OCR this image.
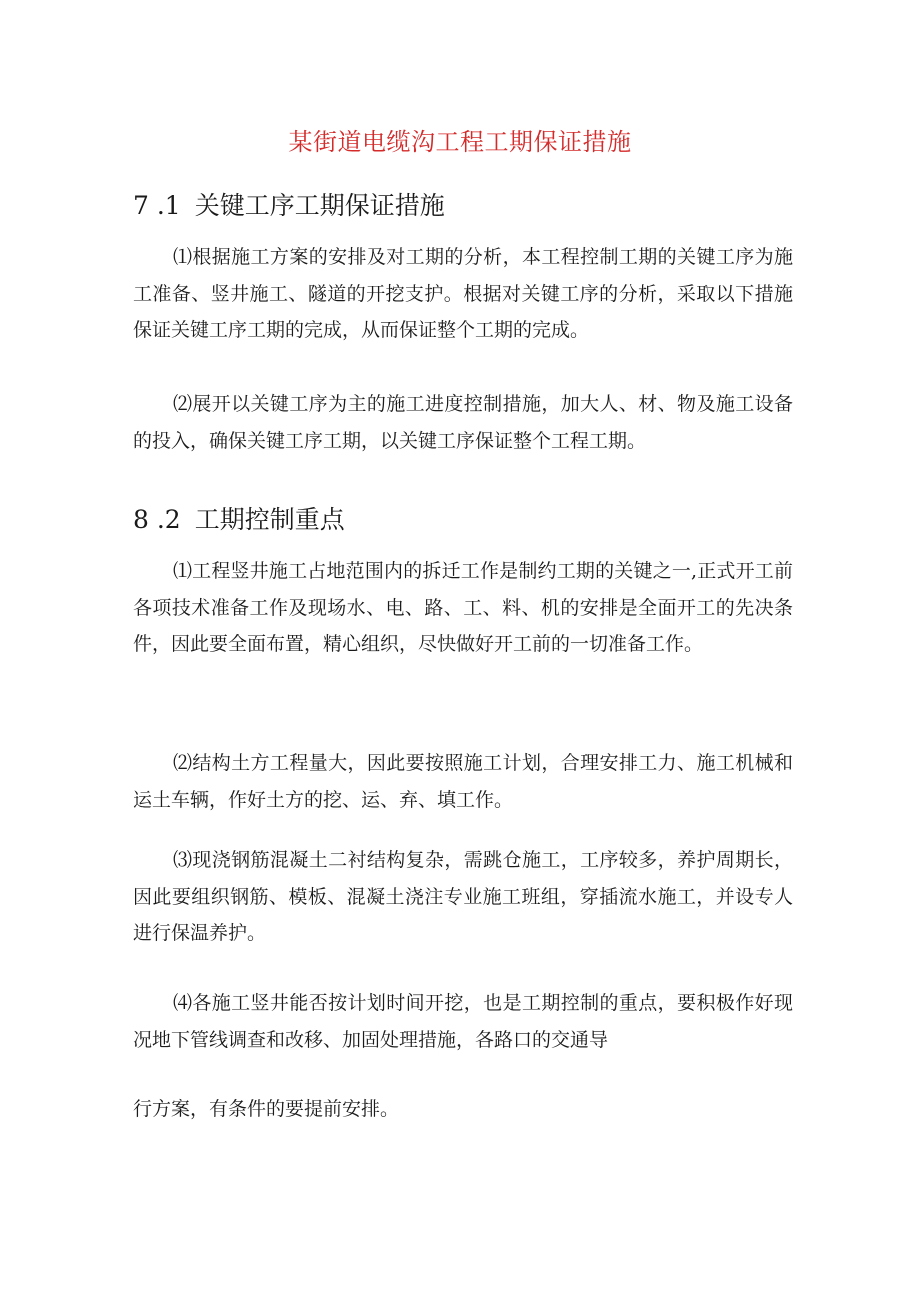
某街道电缆沟工程工期保证措施
7 .1 关键工序工期保证措施

⑴根据施工方案的安排及对工期的分析，本工程控制工期的关键工序为施工准备、竖井施工、隧道的开挖支护。根据对关键工序的分析，采取以下措施保证关键工序工期的完成，从而保证整个工期的完成。

⑵展开以关键工序为主的施工进度控制措施，加大人、材、物及施工设备的投入，确保关键工序工期，以关键工序保证整个工程工期。

8 .2 工期控制重点

⑴工程竖井施工占地范围内的拆迁工作是制约工期的关键之一,正式开工前各项技术准备工作及现场水、电、路、工、料、机的安排是全面开工的先决条件，因此要全面布置，精心组织，尽快做好开工前的一切准备工作。

⑵结构土方工程量大，因此要按照施工计划，合理安排工力、施工机械和运土车辆，作好土方的挖、运、弃、填工作。

⑶现浇钢筋混凝土二衬结构复杂，需跳仓施工，工序较多，养护周期长，因此要组织钢筋、模板、混凝土浇注专业施工班组，穿插流水施工，并设专人进行保温养护。

⑷各施工竖井能否按计划时间开挖，也是工期控制的重点，要积极作好现况地下管线调查和改移、加固处理措施，各路口的交通导

行方案，有条件的要提前安排。
